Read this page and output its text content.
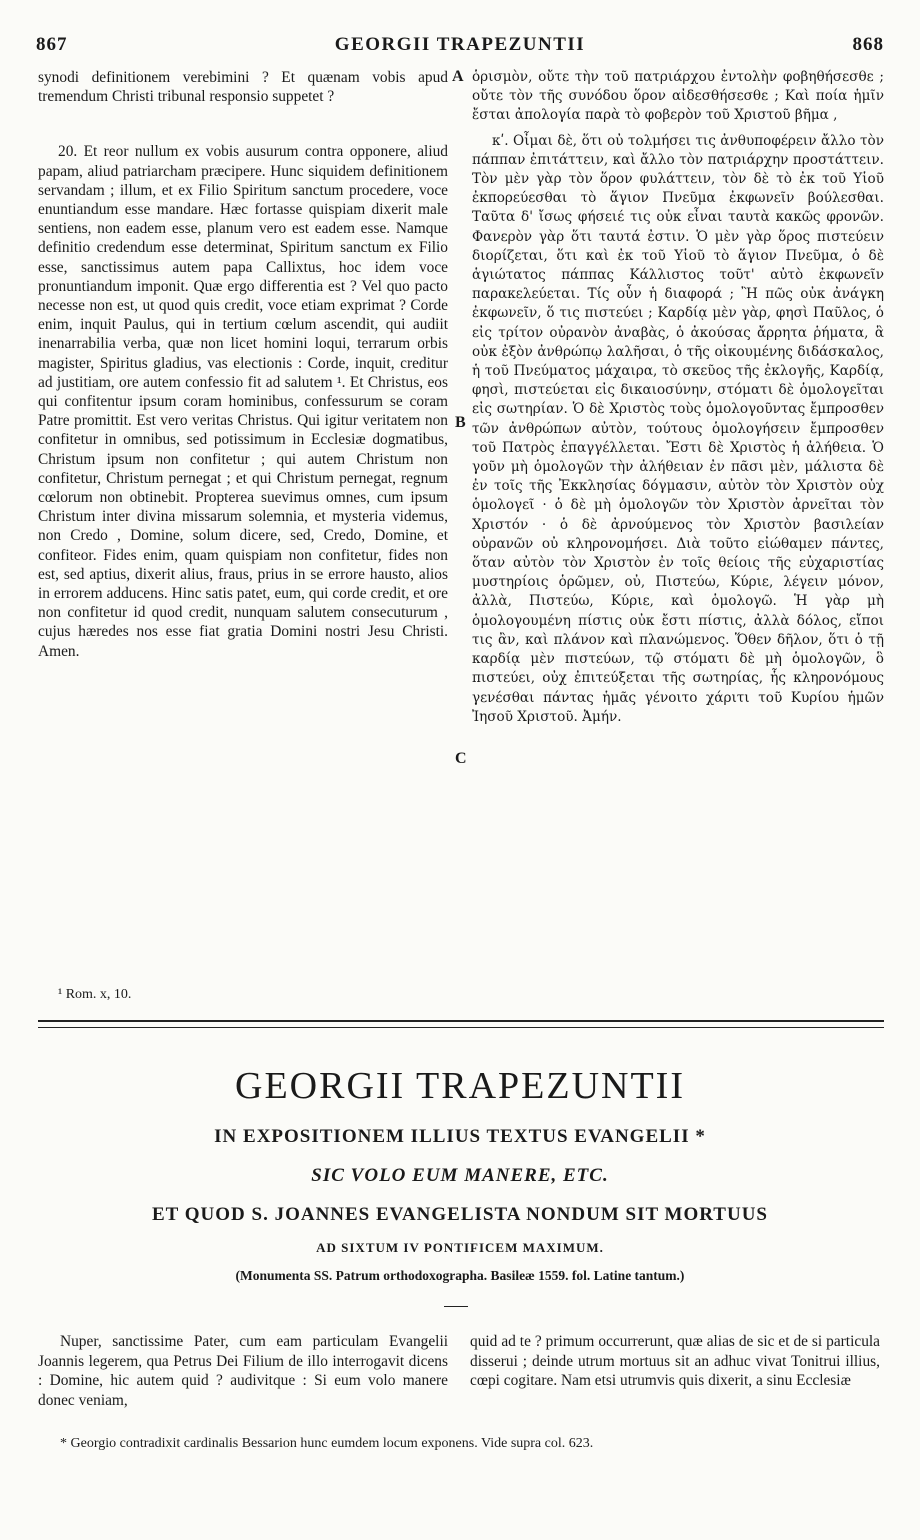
867	GEORGII TRAPEZUNTII	868

synodi definitionem verebimini ? Et quænam vobis apud tremendum Christi tribunal responsio suppetet ?

20. Et reor nullum ex vobis ausurum contra opponere, aliud papam, aliud patriarcham præcipere. Hunc siquidem definitionem servandam ; illum, et ex Filio Spiritum sanctum procedere, voce enuntiandum esse mandare. Hæc fortasse quispiam dixerit male sentiens, non eadem esse, planum vero est eadem esse. Namque definitio credendum esse determinat, Spiritum sanctum ex Filio esse, sanctissimus autem papa Callixtus, hoc idem voce pronuntiandum imponit. Quæ ergo differentia est ? Vel quo pacto necesse non est, ut quod quis credit, voce etiam exprimat ? Corde enim, inquit Paulus, qui in tertium cœlum ascendit, qui audiit inenarrabilia verba, quæ non licet homini loqui, terrarum orbis magister, Spiritus gladius, vas electionis : Corde, inquit, creditur ad justitiam, ore autem confessio fit ad salutem ¹. Et Christus, eos qui confitentur ipsum coram hominibus, confessurum se coram Patre promittit. Est vero veritas Christus. Qui igitur veritatem non confitetur in omnibus, sed potissimum in Ecclesiæ dogmatibus, Christum ipsum non confitetur ; qui autem Christum non confitetur, Christum pernegat ; et qui Christum pernegat, regnum cœlorum non obtinebit. Propterea suevimus omnes, cum ipsum Christum inter divina missarum solemnia, et mysteria videmus, non Credo , Domine, solum dicere, sed, Credo, Domine, et confiteor. Fides enim, quam quispiam non confitetur, fides non est, sed aptius, dixerit alius, fraus, prius in se errore hausto, alios in errorem adducens. Hinc satis patet, eum, qui corde credit, et ore non confitetur id quod credit, nunquam salutem consecuturum , cujus hæredes nos esse fiat gratia Domini nostri Jesu Christi. Amen.

ὁρισμὸν, οὔτε τὴν τοῦ πατριάρχου ἐντολὴν φοβηθήσεσθε ; οὔτε τὸν τῆς συνόδου ὅρον αἰδεσθήσεσθε ; Καὶ ποία ἡμῖν ἔσται ἀπολογία παρὰ τὸ φοβερὸν τοῦ Χριστοῦ βῆμα ,

κʹ. Οἶμαι δὲ, ὅτι οὐ τολμήσει τις ἀνθυποφέρειν ἄλλο τὸν πάππαν ἐπιτάττειν, καὶ ἄλλο τὸν πατριάρχην προστάττειν. Τὸν μὲν γὰρ τὸν ὅρον φυλάττειν, τὸν δὲ τὸ ἐκ τοῦ Υἱοῦ ἐκπορεύεσθαι τὸ ἅγιον Πνεῦμα ἐκφωνεῖν βούλεσθαι. Ταῦτα δ' ἴσως φήσειέ τις οὐκ εἶναι ταυτὰ κακῶς φρονῶν. Φανερὸν γὰρ ὅτι ταυτά ἐστιν. Ὁ μὲν γὰρ ὅρος πιστεύειν διορίζεται, ὅτι καὶ ἐκ τοῦ Υἱοῦ τὸ ἅγιον Πνεῦμα, ὁ δὲ ἁγιώτατος πάππας Κάλλιστος τοῦτ' αὐτὸ ἐκφωνεῖν παρακελεύεται. Τίς οὖν ἡ διαφορά ; Ἢ πῶς οὐκ ἀνάγκη ἐκφωνεῖν, ὅ τις πιστεύει ; Καρδίᾳ μὲν γὰρ, φησὶ Παῦλος, ὁ εἰς τρίτον οὐρανὸν ἀναβὰς, ὁ ἀκούσας ἄρρητα ῥήματα, ἃ οὐκ ἐξὸν ἀνθρώπῳ λαλῆσαι, ὁ τῆς οἰκουμένης διδάσκαλος, ἡ τοῦ Πνεύματος μάχαιρα, τὸ σκεῦος τῆς ἐκλογῆς, Καρδίᾳ, φησὶ, πιστεύεται εἰς δικαιοσύνην, στόματι δὲ ὁμολογεῖται εἰς σωτηρίαν. Ὁ δὲ Χριστὸς τοὺς ὁμολογοῦντας ἔμπροσθεν τῶν ἀνθρώπων αὐτὸν, τούτους ὁμολογήσειν ἔμπροσθεν τοῦ Πατρὸς ἐπαγγέλλεται. Ἔστι δὲ Χριστὸς ἡ ἀλήθεια. Ὁ γοῦν μὴ ὁμολογῶν τὴν ἀλήθειαν ἐν πᾶσι μὲν, μάλιστα δὲ ἐν τοῖς τῆς Ἐκκλησίας δόγμασιν, αὐτὸν τὸν Χριστὸν οὐχ ὁμολογεῖ · ὁ δὲ μὴ ὁμολογῶν τὸν Χριστὸν ἀρνεῖται τὸν Χριστόν · ὁ δὲ ἀρνούμενος τὸν Χριστὸν βασιλείαν οὐρανῶν οὐ κληρονομήσει. Διὰ τοῦτο εἰώθαμεν πάντες, ὅταν αὐτὸν τὸν Χριστὸν ἐν τοῖς θείοις τῆς εὐχαριστίας μυστηρίοις ὁρῶμεν, οὐ, Πιστεύω, Κύριε, λέγειν μόνον, ἀλλὰ, Πιστεύω, Κύριε, καὶ ὁμολογῶ. Ἡ γὰρ μὴ ὁμολογουμένη πίστις οὐκ ἔστι πίστις, ἀλλὰ δόλος, εἴποι τις ἂν, καὶ πλάνον καὶ πλανώμενος. Ὅθεν δῆλον, ὅτι ὁ τῇ καρδίᾳ μὲν πιστεύων, τῷ στόματι δὲ μὴ ὁμολογῶν, ὃ πιστεύει, οὐχ ἐπιτεύξεται τῆς σωτηρίας, ἧς κληρονόμους γενέσθαι πάντας ἡμᾶς γένοιτο χάριτι τοῦ Κυρίου ἡμῶν Ἰησοῦ Χριστοῦ. Ἀμήν.

A
B
C
¹ Rom. x, 10.
GEORGII TRAPEZUNTII
IN EXPOSITIONEM ILLIUS TEXTUS EVANGELII *
SIC VOLO EUM MANERE, ETC.
ET QUOD S. JOANNES EVANGELISTA NONDUM SIT MORTUUS
AD SIXTUM IV PONTIFICEM MAXIMUM.
(Monumenta SS. Patrum orthodoxographa. Basileæ 1559. fol. Latine tantum.)

Nuper, sanctissime Pater, cum eam particulam Evangelii Joannis legerem, qua Petrus Dei Filium de illo interrogavit dicens : Domine, hic autem quid ? audivitque : Si eum volo manere donec veniam,

quid ad te ? primum occurrerunt, quæ alias de sic et de si particula disserui ; deinde utrum mortuus sit an adhuc vivat Tonitrui illius, cœpi cogitare. Nam etsi utrumvis quis dixerit, a sinu Ecclesiæ

* Georgio contradixit cardinalis Bessarion hunc eumdem locum exponens. Vide supra col. 623.
